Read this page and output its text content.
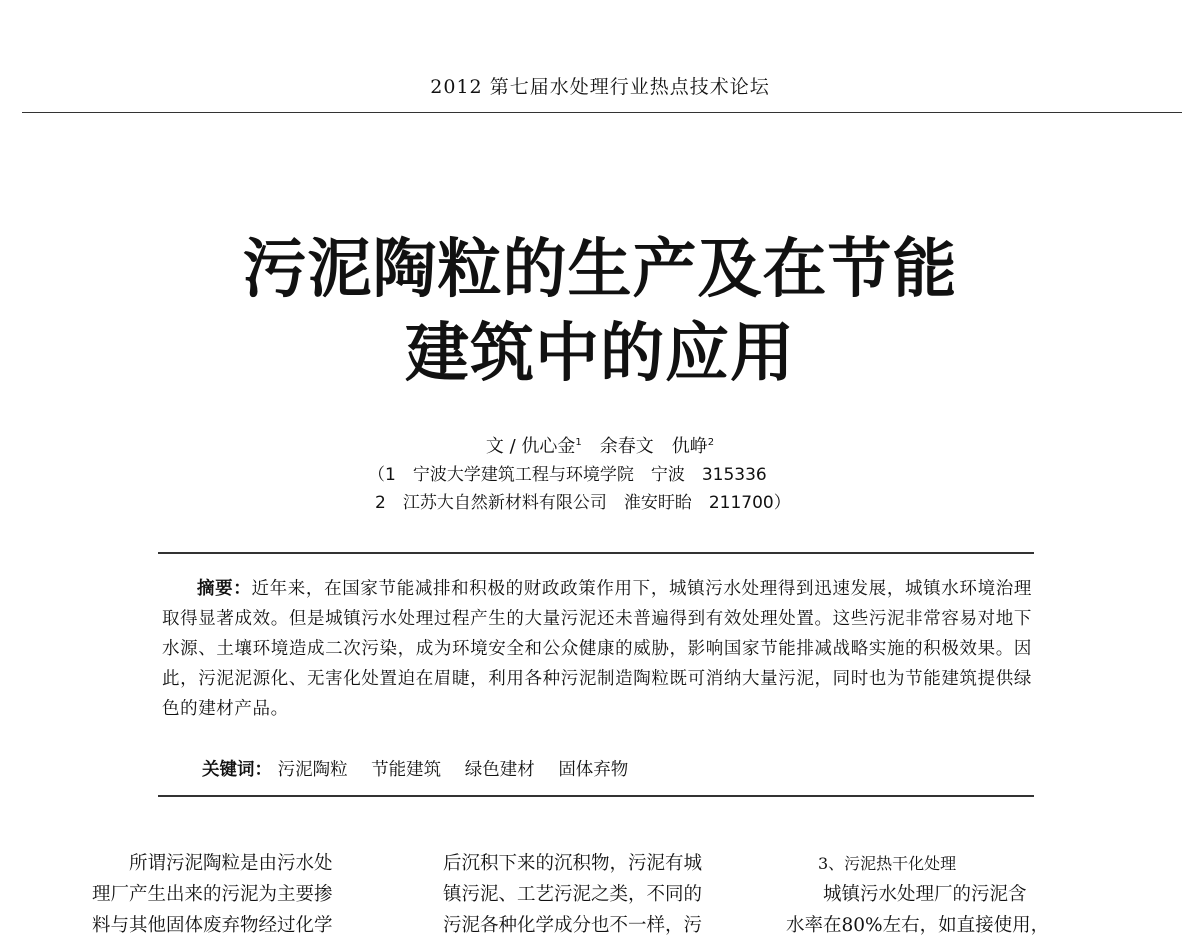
2012 第七届水处理行业热点技术论坛
污泥陶粒的生产及在节能
建筑中的应用
文 / 仇心金$^1$　 余春文　 仇峥$^2$
（1　宁波大学建筑工程与环境学院　宁波　315336
2　江苏大自然新材料有限公司　淮安盱眙　211700）
摘要：近年来，在国家节能减排和积极的财政政策作用下，城镇污水处理得到迅速发展，城镇水环境治理取得显著成效。但是城镇污水处理过程产生的大量污泥还未普遍得到有效处理处置。这些污泥非常容易对地下水源、土壤环境造成二次污染，成为环境安全和公众健康的威胁，影响国家节能排减战略实施的积极效果。因此，污泥泥源化、无害化处置迫在眉睫，利用各种污泥制造陶粒既可消纳大量污泥，同时也为节能建筑提供绿色的建材产品。
关键词： 污泥陶粒 节能建筑 绿色建材 固体弃物
所谓污泥陶粒是由污水处
理厂产生出来的污泥为主要掺
料与其他固体废弃物经过化学
后沉积下来的沉积物，污泥有城
镇污泥、工艺污泥之类，不同的
污泥各种化学成分也不一样，污
3、污泥热干化处理
城镇污水处理厂的污泥含
水率在80%左右，如直接使用，
